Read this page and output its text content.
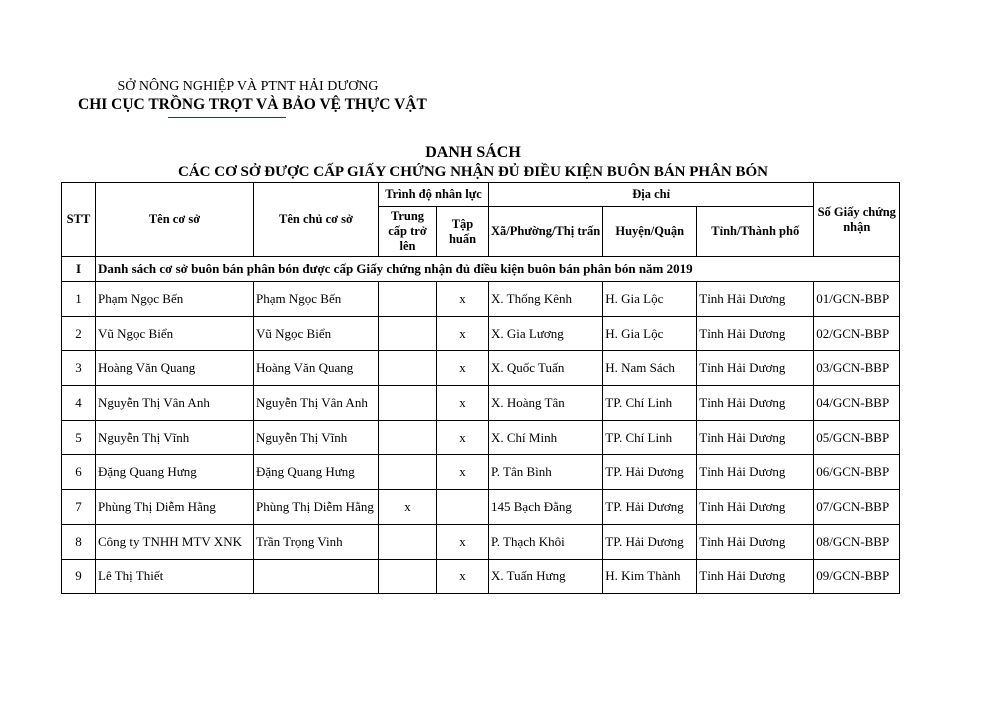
SỞ NÔNG NGHIỆP VÀ PTNT HẢI DƯƠNG
CHI CỤC TRỒNG TRỌT VÀ BẢO VỆ THỰC VẬT
DANH SÁCH
CÁC CƠ SỞ ĐƯỢC CẤP GIẤY CHỨNG NHẬN ĐỦ ĐIỀU KIỆN BUÔN BÁN PHÂN BÓN
STT	Tên cơ sở	Tên chủ cơ sở	Trình độ nhân lực		Địa chỉ			Số Giấy chứng nhận
			Trung cấp trở lên	Tập huấn	Xã/Phường/Thị trấn	Huyện/Quận	Tỉnh/Thành phố	
I	Danh sách cơ sở buôn bán phân bón được cấp Giấy chứng nhận đủ điều kiện buôn bán phân bón năm 2019							
1	Phạm Ngọc Bến	Phạm Ngọc Bến		x	X. Thống Kênh	H. Gia Lộc	Tỉnh Hải Dương	01/GCN-BBP
2	Vũ Ngọc Biển	Vũ Ngọc Biển		x	X. Gia Lương	H. Gia Lộc	Tỉnh Hải Dương	02/GCN-BBP
3	Hoàng Văn Quang	Hoàng Văn Quang		x	X. Quốc Tuấn	H. Nam Sách	Tỉnh Hải Dương	03/GCN-BBP
4	Nguyễn Thị Vân Anh	Nguyễn Thị Vân Anh		x	X. Hoàng Tân	TP. Chí Linh	Tỉnh Hải Dương	04/GCN-BBP
5	Nguyễn Thị Vĩnh	Nguyễn Thị Vĩnh		x	X. Chí Minh	TP. Chí Linh	Tỉnh Hải Dương	05/GCN-BBP
6	Đặng Quang Hưng	Đặng Quang Hưng		x	P. Tân Bình	TP. Hải Dương	Tỉnh Hải Dương	06/GCN-BBP
7	Phùng Thị Diễm Hằng	Phùng Thị Diễm Hằng	x		145 Bạch Đằng	TP. Hải Dương	Tỉnh Hải Dương	07/GCN-BBP
8	Công ty TNHH MTV XNK	Trần Trọng Vinh		x	P. Thạch Khôi	TP. Hải Dương	Tỉnh Hải Dương	08/GCN-BBP
9	Lê Thị Thiết			x	X. Tuấn Hưng	H. Kim Thành	Tỉnh Hải Dương	09/GCN-BBP
